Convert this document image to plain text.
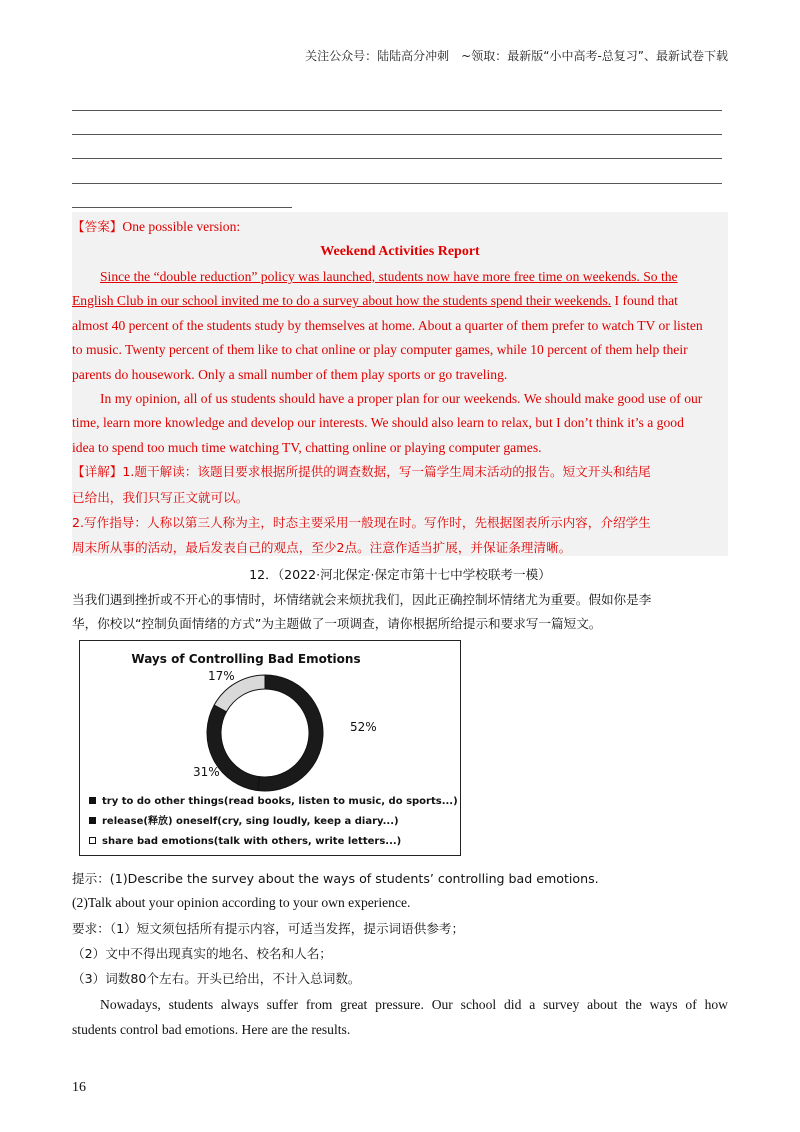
关注公众号：陆陆高分冲刺　~领取：最新版“小中高考-总复习”、最新试卷下载
【答案】One possible version:
Weekend Activities Report
Since the “double reduction” policy was launched, students now have more free time on weekends. So the
English Club in our school invited me to do a survey about how the students spend their weekends. I found that
almost 40 percent of the students study by themselves at home. About a quarter of them prefer to watch TV or listen
to music. Twenty percent of them like to chat online or play computer games, while 10 percent of them help their
parents do housework. Only a small number of them play sports or go traveling.
In my opinion, all of us students should have a proper plan for our weekends. We should make good use of our
time, learn more knowledge and develop our interests. We should also learn to relax, but I don’t think it’s a good
idea to spend too much time watching TV, chatting online or playing computer games.
【详解】1.题干解读：该题目要求根据所提供的调查数据，写一篇学生周末活动的报告。短文开头和结尾
已给出，我们只写正文就可以。
2.写作指导：人称以第三人称为主，时态主要采用一般现在时。写作时，先根据图表所示内容，介绍学生
周末所从事的活动，最后发表自己的观点，至少2点。注意作适当扩展，并保证条理清晰。
12．（2022·河北保定·保定市第十七中学校联考一模）
当我们遇到挫折或不开心的事情时，坏情绪就会来烦扰我们，因此正确控制坏情绪尤为重要。假如你是李
华，你校以“控制负面情绪的方式”为主题做了一项调查，请你根据所给提示和要求写一篇短文。
Ways of Controlling Bad Emotions
52%
31%
17%
try to do other things(read books, listen to music, do sports...)
release(释放) oneself(cry, sing loudly, keep a diary...)
share bad emotions(talk with others, write letters...)
提示：(1)Describe the survey about the ways of students’ controlling bad emotions.
(2)Talk about your opinion according to your own experience.
要求：（1）短文须包括所有提示内容，可适当发挥，提示词语供参考；
（2）文中不得出现真实的地名、校名和人名；
（3）词数80个左右。开头已给出，不计入总词数。
Nowadays, students always suffer from great pressure. Our school did a survey about the ways of how
students control bad emotions. Here are the results.
16
